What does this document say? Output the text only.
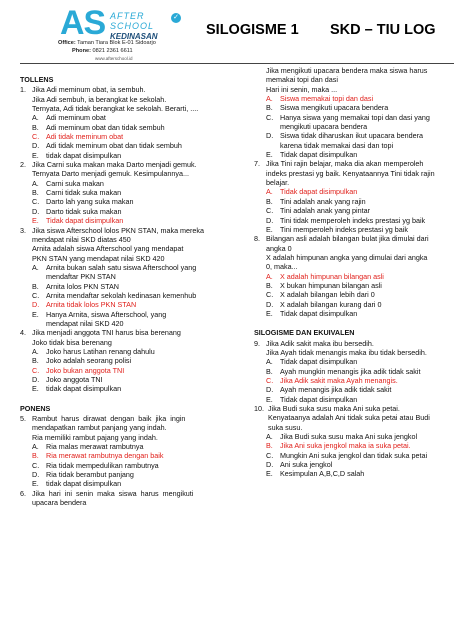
AS AFTER
SCHOOL
KEDINASAN
✓
Office: Taman Tiara Blok E-01 Sidoarjo
Phone: 0821 2361 6611
www.afterschool.id
SILOGISME 1 SKD – TIU LOG
TOLLENS
1. Jika Adi meminum obat, ia sembuh.
Jika Adi sembuh, ia berangkat ke sekolah.
Ternyata, Adi tidak berangkat ke sekolah. Berarti, ....
A. Adi meminum obat
B. Adi meminum obat dan tidak sembuh
C. Adi tidak meminum obat
D. Adi tidak meminum obat dan tidak sembuh
E. tidak dapat disimpulkan
2. Jika Carni suka makan maka Darto menjadi gemuk.
Ternyata Darto menjadi gemuk. Kesimpulannya...
A. Carni suka makan
B. Carni tidak suka makan
C. Darto lah yang suka makan
D. Darto tidak suka makan
E. Tidak dapat disimpulkan
3. Jika siswa Afterschool lolos PKN STAN, maka mereka
mendapat nilai SKD diatas 450
Arnita adalah siswa Afterschool yang mendapat
PKN STAN yang mendapat nilai SKD 420
A. Arnita bukan salah satu siswa Afterschool yang
mendaftar PKN STAN
B. Arnita lolos PKN STAN
C. Arnita mendaftar sekolah kedinasan kemenhub
D. Arnita tidak lolos PKN STAN
E. Hanya Arnita, siswa Afterschool, yang
mendapat nilai SKD 420
4. Jika menjadi anggota TNI harus bisa berenang
Joko tidak bisa berenang
A. Joko harus Latihan renang dahulu
B. Joko adalah seorang polisi
C. Joko bukan anggota TNI
D. Joko anggota TNI
E. tidak dapat disimpulkan
PONENS
5. Rambut  harus  dirawat  dengan  baik  jika  ingin
mendapatkan rambut panjang yang indah.
Ria memiliki rambut pajang yang indah.
A. Ria malas merawat rambutnya
B. Ria merawat rambutnya dengan baik
C. Ria tidak mempedulikan rambutnya
D. Ria tidak berambut panjang
E. tidak dapat disimpulkan
6. Jika  hari  ini  senin  maka  siswa  harus  mengikuti
upacara bendera
Jika mengikuti upacara bendera maka siswa harus
memakai topi dan dasi
Hari ini senin, maka ...
A. Siswa memakai topi dan dasi
B. Siswa mengikuti upacara bendera
C. Hanya siswa yang memakai topi dan dasi yang
mengikuti upacara bendera
D. Siswa tidak diharuskan ikut upacara bendera
karena tidak memakai dasi dan topi
E. Tidak dapat disimpulkan
7. Jika Tini rajin belajar, maka dia akan memperoleh
indeks prestasi yg baik. Kenyataannya Tini tidak rajin
belajar.
A. Tidak dapat disimpulkan
B. Tini adalah anak yang rajin
C. Tini adalah anak yang pintar
D. Tini tidak memperoleh indeks prestasi yg baik
E. Tini memperoleh indeks prestasi yg baik
8. Bilangan asli adalah bilangan bulat jika dimulai dari
angka 0
X adalah himpunan angka yang dimulai dari angka
0, maka...
A. X adalah himpunan bilangan asli
B. X bukan himpunan bilangan asli
C. X adalah bilangan lebih dari 0
D. X adalah bilangan kurang dari 0
E. Tidak dapat disimpulkan
SILOGISME DAN EKUIVALEN
9. Jika Adik sakit maka ibu bersedih.
Jika Ayah tidak menangis maka ibu tidak bersedih.
A. Tidak dapat disimpulkan
B. Ayah mungkin menangis jika adik tidak sakit
C. Jika Adik sakit maka Ayah menangis.
D. Ayah menangis jika adik tidak sakit
E. Tidak dapat disimpulkan
10. Jika Budi suka susu maka Ani suka petai.
Kenyataanya adalah Ani tidak suka petai atau Budi
suka susu.
A. Jika Budi suka susu maka Ani suka jengkol
B. Jika Ani suka jengkol maka ia suka petai.
C. Mungkin Ani suka jengkol dan tidak suka petai
D. Ani suka jengkol
E. Kesimpulan A,B,C,D salah
